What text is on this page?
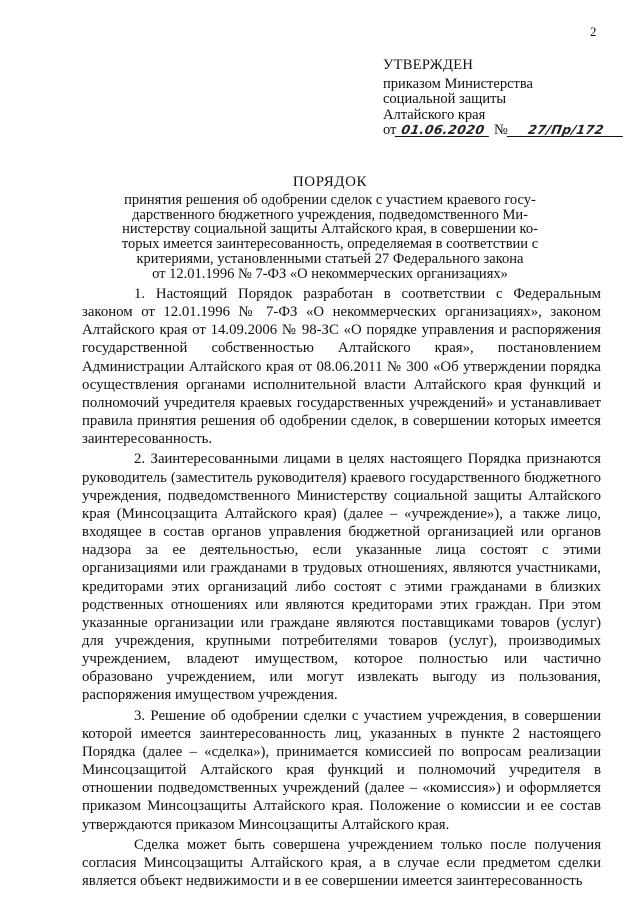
2
УТВЕРЖДЕН
приказом Министерства
социальной защиты
Алтайского края
от 01.06.2020 № 27/Пр/172
ПОРЯДОК
принятия решения об одобрении сделок с участием краевого госу-
дарственного бюджетного учреждения, подведомственного Ми-
нистерству социальной защиты Алтайского края, в совершении ко-
торых имеется заинтересованность, определяемая в соответствии с
критериями, установленными статьей 27 Федерального закона
от 12.01.1996 № 7-ФЗ «О некоммерческих организациях»

1. Настоящий Порядок разработан в соответствии с Федеральным законом от 12.01.1996 № 7-ФЗ «О некоммерческих организациях», законом Алтайского края от 14.09.2006 № 98-ЗС «О порядке управления и распоряжения государственной собственностью Алтайского края», постановлением Администрации Алтайского края от 08.06.2011 № 300 «Об утверждении порядка осуществления органами исполнительной власти Алтайского края функций и полномочий учредителя краевых государственных учреждений» и устанавливает правила принятия решения об одобрении сделок, в совершении которых имеется заинтересованность.

2. Заинтересованными лицами в целях настоящего Порядка признаются руководитель (заместитель руководителя) краевого государственного бюджетного учреждения, подведомственного Министерству социальной защиты Алтайского края (Минсоцзащита Алтайского края) (далее – «учреждение»), а также лицо, входящее в состав органов управления бюджетной организацией или органов надзора за ее деятельностью, если указанные лица состоят с этими организациями или гражданами в трудовых отношениях, являются участниками, кредиторами этих организаций либо состоят с этими гражданами в близких родственных отношениях или являются кредиторами этих граждан. При этом указанные организации или граждане являются поставщиками товаров (услуг) для учреждения, крупными потребителями товаров (услуг), производимых учреждением, владеют имуществом, которое полностью или частично образовано учреждением, или могут извлекать выгоду из пользования, распоряжения имуществом учреждения.

3. Решение об одобрении сделки с участием учреждения, в совершении которой имеется заинтересованность лиц, указанных в пункте 2 настоящего Порядка (далее – «сделка»), принимается комиссией по вопросам реализации Минсоцзащитой Алтайского края функций и полномочий учредителя в отношении подведомственных учреждений (далее – «комиссия») и оформляется приказом Минсоцзащиты Алтайского края. Положение о комиссии и ее состав утверждаются приказом Минсоцзащиты Алтайского края.

Сделка может быть совершена учреждением только после получения согласия Минсоцзащиты Алтайского края, а в случае если предметом сделки является объект недвижимости и в ее совершении имеется заинтересованность
